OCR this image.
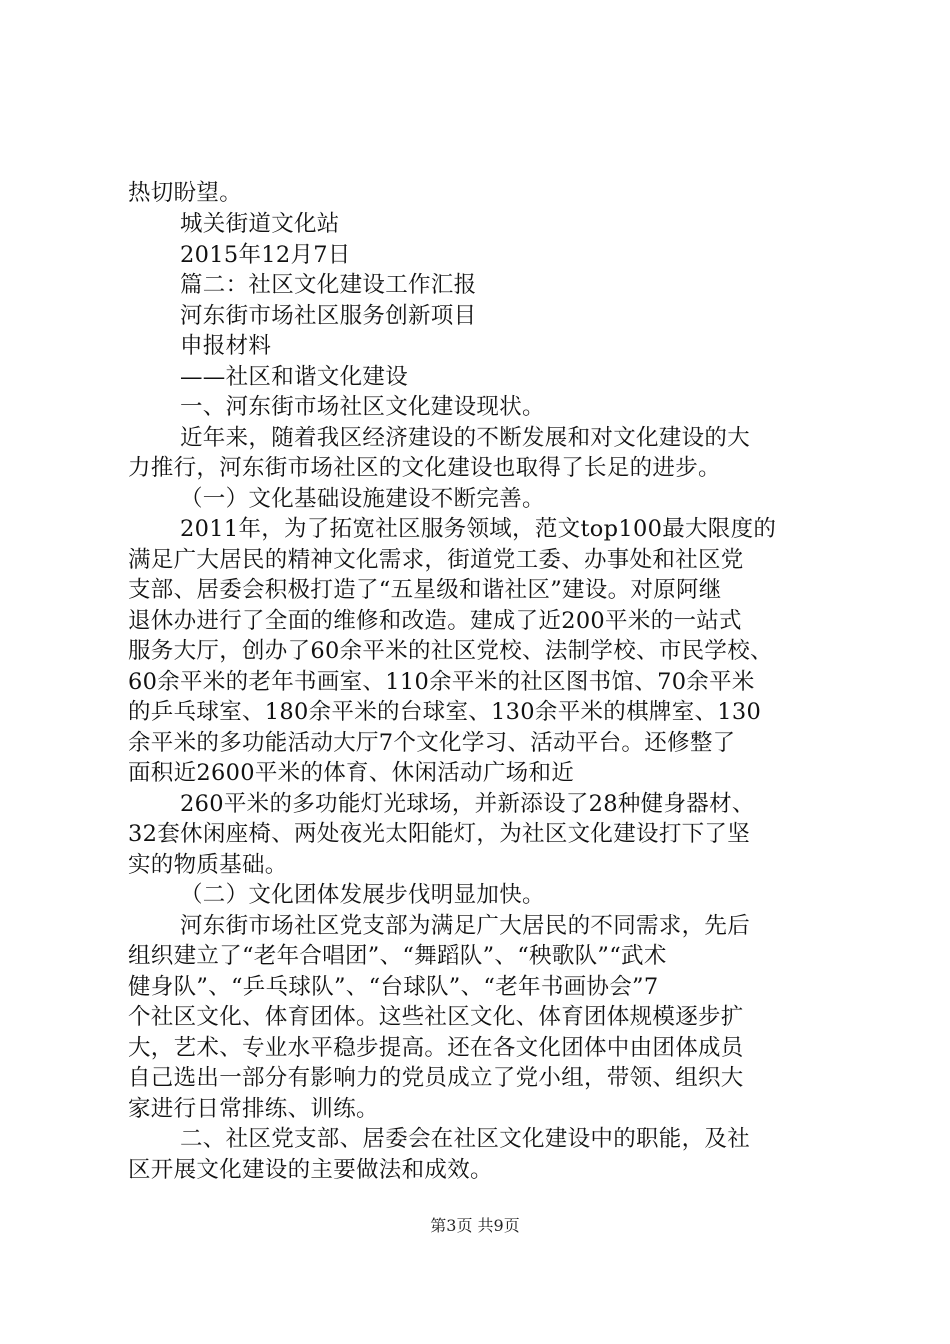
热切盼望。
城关街道文化站
2015年12月7日
篇二：社区文化建设工作汇报
河东街市场社区服务创新项目
申报材料
——社区和谐文化建设
一、河东街市场社区文化建设现状。
近年来，随着我区经济建设的不断发展和对文化建设的大
力推行，河东街市场社区的文化建设也取得了长足的进步。
（一）文化基础设施建设不断完善。
2011年，为了拓宽社区服务领域，范文top100最大限度的
满足广大居民的精神文化需求，街道党工委、办事处和社区党
支部、居委会积极打造了“五星级和谐社区”建设。对原阿继
退休办进行了全面的维修和改造。建成了近200平米的一站式
服务大厅，创办了60余平米的社区党校、法制学校、市民学校、
60余平米的老年书画室、110余平米的社区图书馆、70余平米
的乒乓球室、180余平米的台球室、130余平米的棋牌室、130
余平米的多功能活动大厅7个文化学习、活动平台。还修整了
面积近2600平米的体育、休闲活动广场和近
260平米的多功能灯光球场，并新添设了28种健身器材、
32套休闲座椅、两处夜光太阳能灯，为社区文化建设打下了坚
实的物质基础。
（二）文化团体发展步伐明显加快。
河东街市场社区党支部为满足广大居民的不同需求，先后
组织建立了“老年合唱团”、“舞蹈队”、“秧歌队”“武术
健身队”、“乒乓球队”、“台球队”、“老年书画协会”7
个社区文化、体育团体。这些社区文化、体育团体规模逐步扩
大，艺术、专业水平稳步提高。还在各文化团体中由团体成员
自己选出一部分有影响力的党员成立了党小组，带领、组织大
家进行日常排练、训练。
二、社区党支部、居委会在社区文化建设中的职能，及社
区开展文化建设的主要做法和成效。
第3页 共9页
